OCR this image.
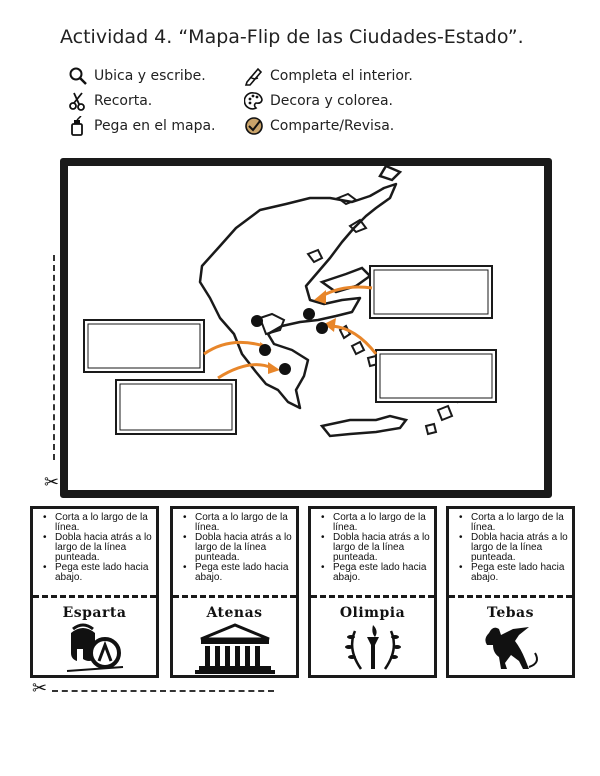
Actividad 4. “Mapa-Flip de las Ciudades-Estado”.
Ubica y escribe.
Recorta.
Pega en el mapa.
Completa el interior.
Decora y colorea.
Comparte/Revisa.
✂
• Corta a lo largo de la línea.
• Dobla hacia atrás a lo largo de la línea punteada.
• Pega este lado hacia abajo.
Esparta
• Corta a lo largo de la línea.
• Dobla hacia atrás a lo largo de la línea punteada.
• Pega este lado hacia abajo.
Atenas
• Corta a lo largo de la línea.
• Dobla hacia atrás a lo largo de la línea punteada.
• Pega este lado hacia abajo.
Olimpia
• Corta a lo largo de la línea.
• Dobla hacia atrás a lo largo de la línea punteada.
• Pega este lado hacia abajo.
Tebas
✂
